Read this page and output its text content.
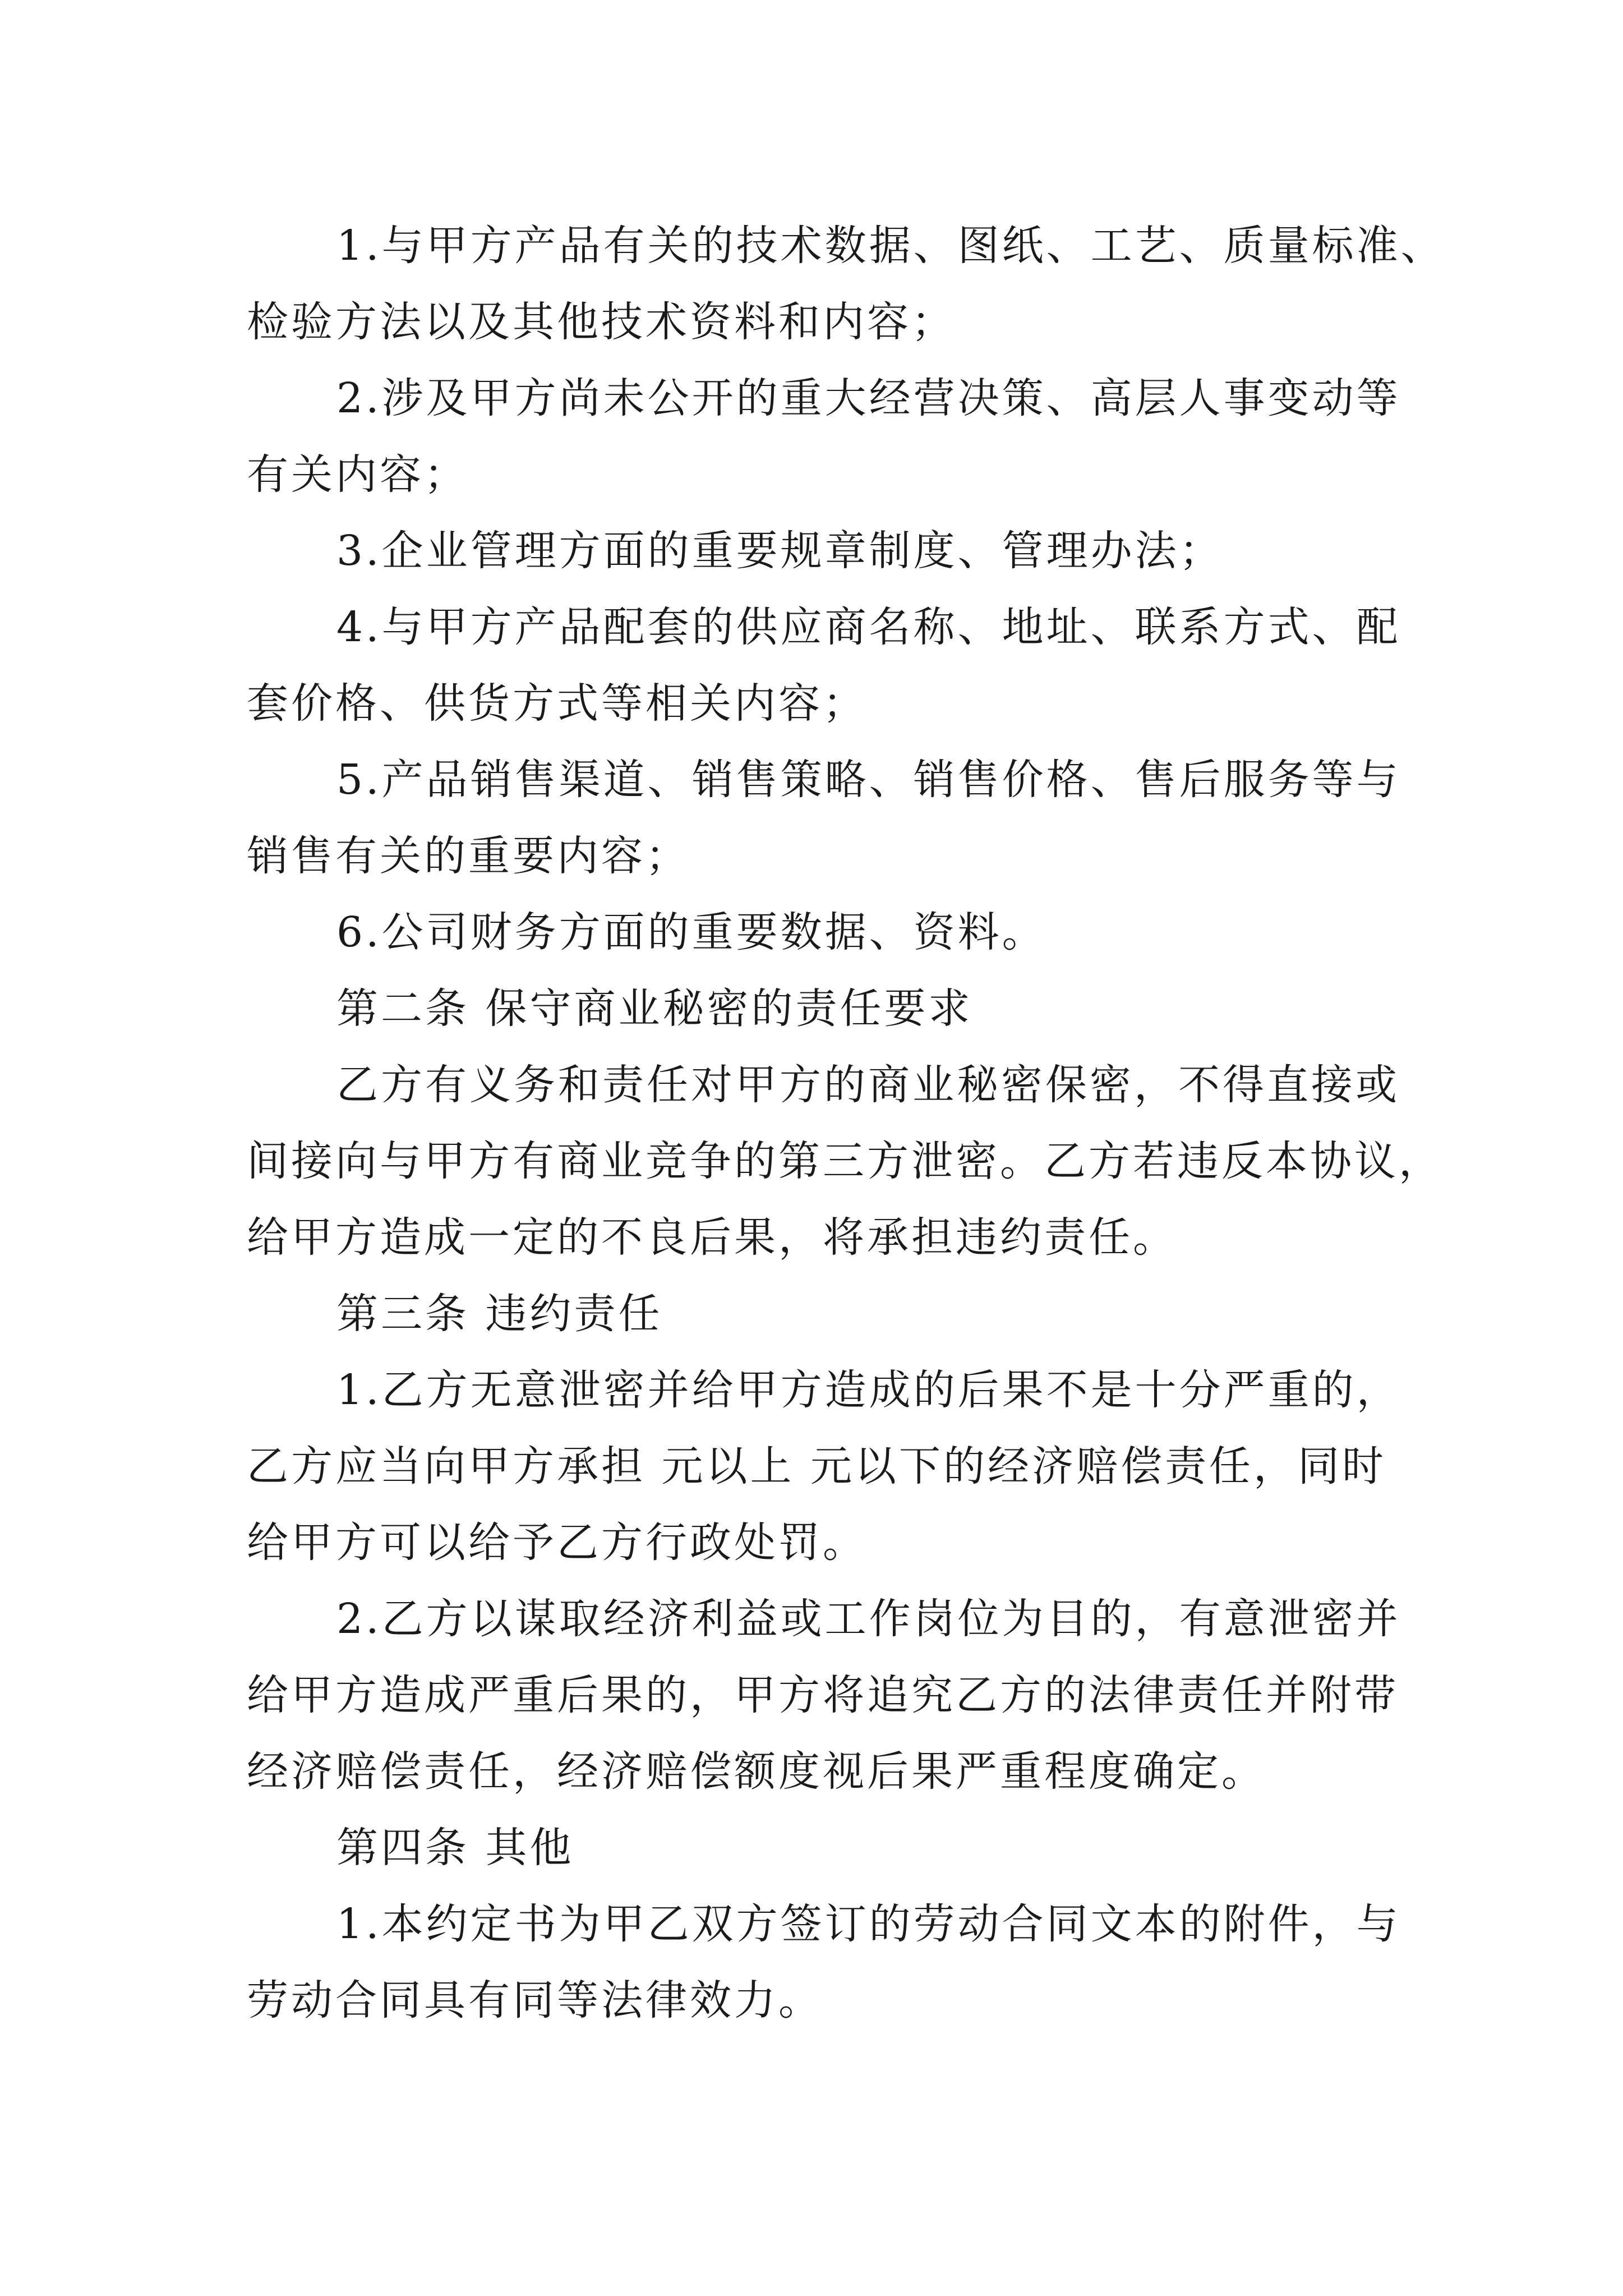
1.与甲方产品有关的技术数据、图纸、工艺、质量标准、
检验方法以及其他技术资料和内容；
2.涉及甲方尚未公开的重大经营决策、高层人事变动等
有关内容；
3.企业管理方面的重要规章制度、管理办法；
4.与甲方产品配套的供应商名称、地址、联系方式、配
套价格、供货方式等相关内容；
5.产品销售渠道、销售策略、销售价格、售后服务等与
销售有关的重要内容；
6.公司财务方面的重要数据、资料。
第二条 保守商业秘密的责任要求
乙方有义务和责任对甲方的商业秘密保密，不得直接或
间接向与甲方有商业竞争的第三方泄密。乙方若违反本协议，
给甲方造成一定的不良后果，将承担违约责任。
第三条 违约责任
1.乙方无意泄密并给甲方造成的后果不是十分严重的，
乙方应当向甲方承担 元以上 元以下的经济赔偿责任，同时
给甲方可以给予乙方行政处罚。
2.乙方以谋取经济利益或工作岗位为目的，有意泄密并
给甲方造成严重后果的，甲方将追究乙方的法律责任并附带
经济赔偿责任，经济赔偿额度视后果严重程度确定。
第四条 其他
1.本约定书为甲乙双方签订的劳动合同文本的附件，与
劳动合同具有同等法律效力。
